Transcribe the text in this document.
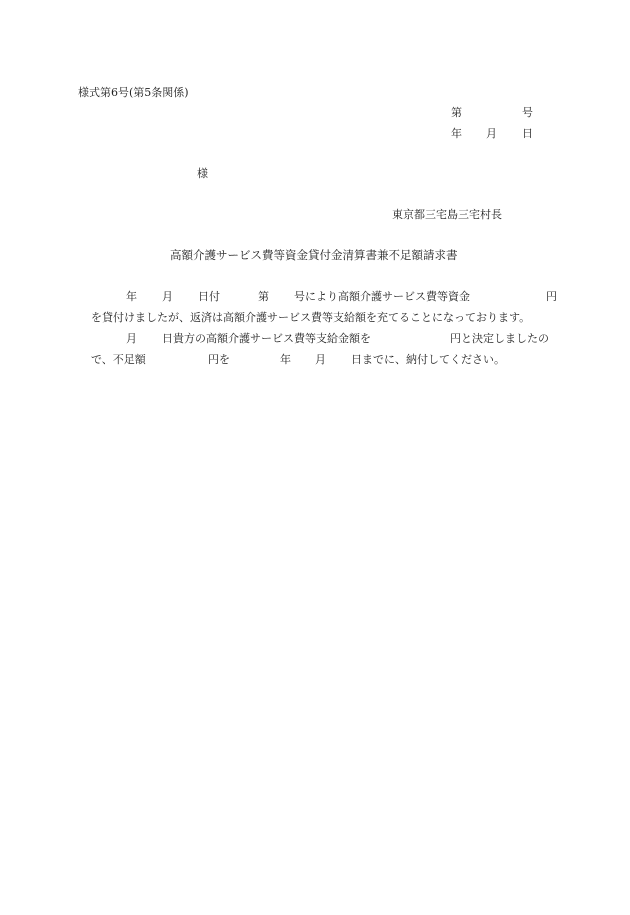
様式第6号(第5条関係)
第	号
年 月 日
様
東京都三宅島三宅村長
高額介護サービス費等資金貸付金清算書兼不足額請求書
年 月 日付	第 号により高額介護サービス費等資金	円
を貸付けましたが、返済は高額介護サービス費等支給額を充てることになっております。
月 日貴方の高額介護サービス費等支給金額を	円と決定しましたの
で、不足額	円を	年 月 日までに、納付してください。
